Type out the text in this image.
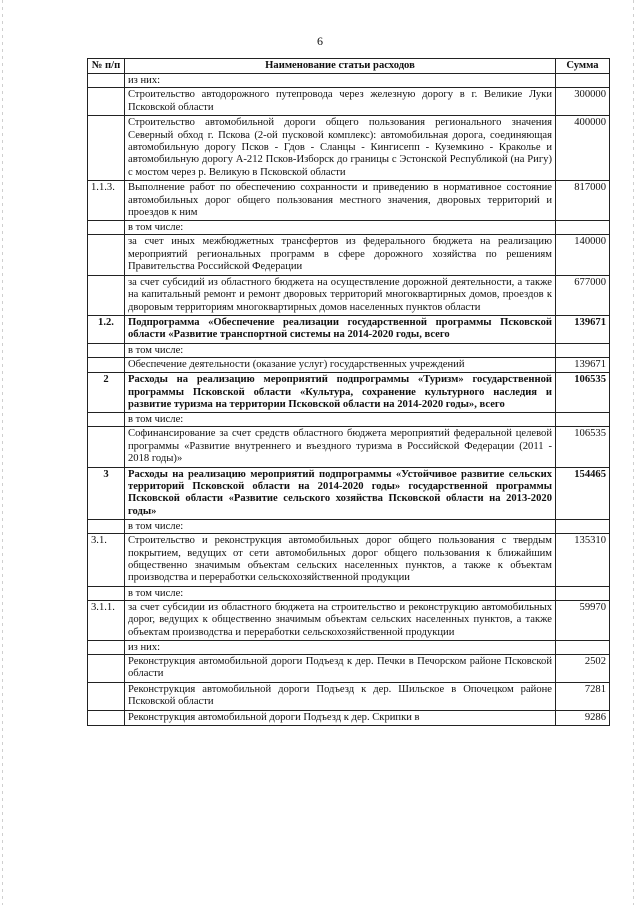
6
№ п/п	Наименование статьи расходов	Сумма
	из них:	
	Строительство автодорожного путепровода через железную дорогу в г. Великие Луки Псковской области	300000
	Строительство автомобильной дороги общего пользования регионального значения Северный обход г. Пскова (2-ой пусковой комплекс): автомобильная дорога, соединяющая автомобильную дорогу Псков - Гдов - Сланцы - Кингисепп - Куземкино - Краколье и автомобильную дорогу А-212 Псков-Изборск до границы с Эстонской Республикой (на Ригу) с мостом через р. Великую в Псковской области	400000
1.1.3.	Выполнение работ по обеспечению сохранности и приведению в нормативное состояние автомобильных дорог общего пользования местного значения, дворовых территорий и проездов к ним	817000
	в том числе:	
	за счет иных межбюджетных трансфертов из федерального бюджета на реализацию мероприятий региональных программ в сфере дорожного хозяйства по решениям Правительства Российской Федерации	140000
	за счет субсидий из областного бюджета на осуществление дорожной деятельности, а также на капитальный ремонт и ремонт дворовых территорий многоквартирных домов, проездов к дворовым территориям многоквартирных домов населенных пунктов области	677000
1.2.	Подпрограмма «Обеспечение реализации государственной программы Псковской области «Развитие транспортной системы на 2014-2020 годы, всего	139671
	в том числе:	
	Обеспечение деятельности (оказание услуг) государственных учреждений	139671
2	Расходы на реализацию мероприятий подпрограммы «Туризм» государственной программы Псковской области «Культура, сохранение культурного наследия и развитие туризма на территории Псковской области на 2014-2020 годы», всего	106535
	в том числе:	
	Софинансирование за счет средств областного бюджета мероприятий федеральной целевой программы «Развитие внутреннего и въездного туризма в Российской Федерации (2011 - 2018 годы)»	106535
3	Расходы на реализацию мероприятий подпрограммы «Устойчивое развитие сельских территорий Псковской области на 2014-2020 годы» государственной программы Псковской области «Развитие сельского хозяйства Псковской области на 2013-2020 годы»	154465
	в том числе:	
3.1.	Строительство и реконструкция автомобильных дорог общего пользования с твердым покрытием, ведущих от сети автомобильных дорог общего пользования к ближайшим общественно значимым объектам сельских населенных пунктов, а также к объектам производства и переработки сельскохозяйственной продукции	135310
	в том числе:	
3.1.1.	за счет субсидии из областного бюджета на строительство и реконструкцию автомобильных дорог, ведущих к общественно значимым объектам сельских населенных пунктов, а также объектам производства и переработки сельскохозяйственной продукции	59970
	из них:	
	Реконструкция автомобильной дороги Подъезд к дер. Печки в Печорском районе Псковской области	2502
	Реконструкция автомобильной дороги Подъезд к дер. Шильское в Опочецком районе Псковской области	7281
	Реконструкция автомобильной дороги Подъезд к дер. Скрипки в	9286
